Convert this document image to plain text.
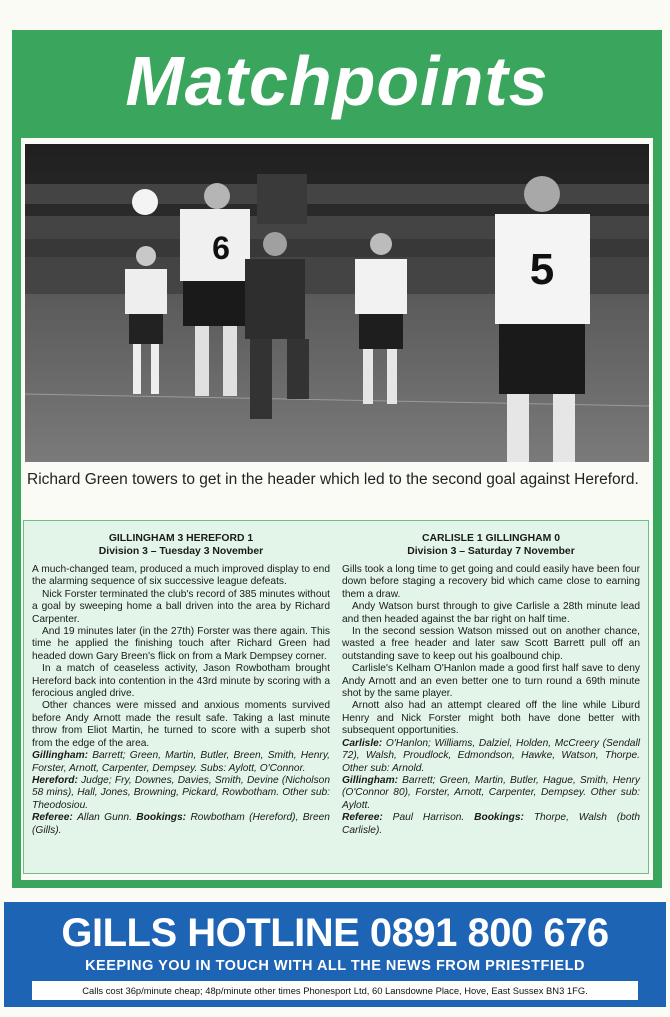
Matchpoints
6	5
Richard Green towers to get in the header which led to the second goal against Hereford.
GILLINGHAM 3 HEREFORD 1
Division 3 – Tuesday 3 November

A much-changed team, produced a much improved display to end the alarming sequence of six successive league defeats.

Nick Forster terminated the club's record of 385 minutes without a goal by sweeping home a ball driven into the area by Richard Carpenter.

And 19 minutes later (in the 27th) Forster was there again. This time he applied the finishing touch after Richard Green had headed down Gary Breen's flick on from a Mark Dempsey corner.

In a match of ceaseless activity, Jason Rowbotham brought Hereford back into contention in the 43rd minute by scoring with a ferocious angled drive.

Other chances were missed and anxious moments survived before Andy Arnott made the result safe. Taking a last minute throw from Eliot Martin, he turned to score with a superb shot from the edge of the area.

Gillingham: Barrett; Green, Martin, Butler, Breen, Smith, Henry, Forster, Arnott, Carpenter, Dempsey. Subs: Aylott, O'Connor.

Hereford: Judge; Fry, Downes, Davies, Smith, Devine (Nicholson 58 mins), Hall, Jones, Browning, Pickard, Rowbotham. Other sub: Theodosiou.

Referee: Allan Gunn. Bookings: Rowbotham (Hereford), Breen (Gills).

CARLISLE 1 GILLINGHAM 0
Division 3 – Saturday 7 November

Gills took a long time to get going and could easily have been four down before staging a recovery bid which came close to earning them a draw.

Andy Watson burst through to give Carlisle a 28th minute lead and then headed against the bar right on half time.

In the second session Watson missed out on another chance, wasted a free header and later saw Scott Barrett pull off an outstanding save to keep out his goalbound chip.

Carlisle's Kelham O'Hanlon made a good first half save to deny Andy Arnott and an even better one to turn round a 69th minute shot by the same player.

Arnott also had an attempt cleared off the line while Liburd Henry and Nick Forster might both have done better with subsequent opportunities.

Carlisle: O'Hanlon; Williams, Dalziel, Holden, McCreery (Sendall 72), Walsh, Proudlock, Edmondson, Hawke, Watson, Thorpe. Other sub: Arnold.

Gillingham: Barrett; Green, Martin, Butler, Hague, Smith, Henry (O'Connor 80), Forster, Arnott, Carpenter, Dempsey. Other sub: Aylott.

Referee: Paul Harrison. Bookings: Thorpe, Walsh (both Carlisle).

GILLS HOTLINE 0891 800 676
KEEPING YOU IN TOUCH WITH ALL THE NEWS FROM PRIESTFIELD
Calls cost 36p/minute cheap; 48p/minute other times Phonesport Ltd, 60 Lansdowne Place, Hove, East Sussex BN3 1FG.
